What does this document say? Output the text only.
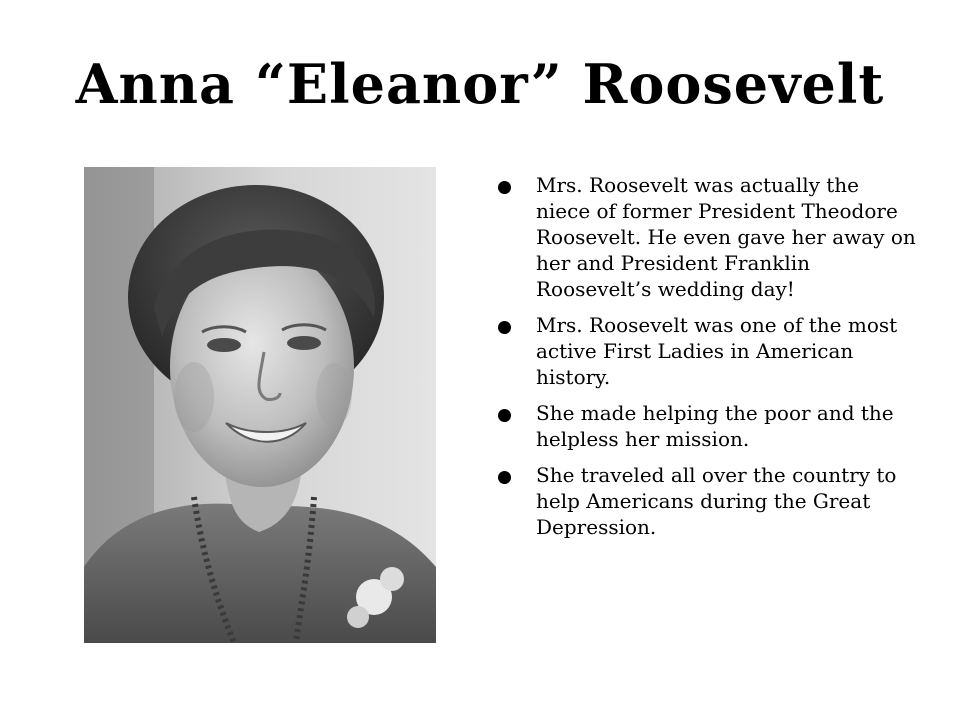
Anna “Eleanor” Roosevelt
Mrs. Roosevelt was actually the niece of former President Theodore Roosevelt. He even gave her away on her and President Franklin Roosevelt’s wedding day!
Mrs. Roosevelt was one of the most active First Ladies in American history.
She made helping the poor and the helpless her mission.
She traveled all over the country to help Americans during the Great Depression.
